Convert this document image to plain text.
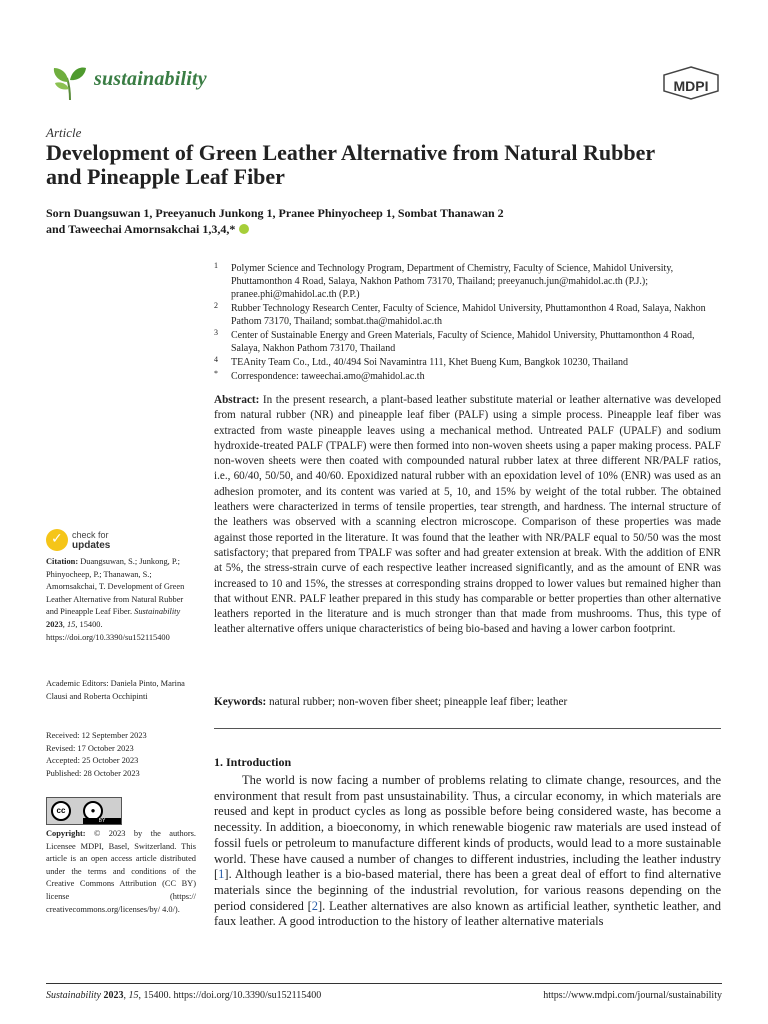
sustainability	MDPI
Article
Development of Green Leather Alternative from Natural Rubber and Pineapple Leaf Fiber
Sorn Duangsuwan 1, Preeyanuch Junkong 1, Pranee Phinyocheep 1, Sombat Thanawan 2
and Taweechai Amornsakchai 1,3,4,*
1 Polymer Science and Technology Program, Department of Chemistry, Faculty of Science, Mahidol University, Phuttamonthon 4 Road, Salaya, Nakhon Pathom 73170, Thailand; preeyanuch.jun@mahidol.ac.th (P.J.); pranee.phi@mahidol.ac.th (P.P.)
2 Rubber Technology Research Center, Faculty of Science, Mahidol University, Phuttamonthon 4 Road, Salaya, Nakhon Pathom 73170, Thailand; sombat.tha@mahidol.ac.th
3 Center of Sustainable Energy and Green Materials, Faculty of Science, Mahidol University, Phuttamonthon 4 Road, Salaya, Nakhon Pathom 73170, Thailand
4 TEAnity Team Co., Ltd., 40/494 Soi Navamintra 111, Khet Bueng Kum, Bangkok 10230, Thailand
* Correspondence: taweechai.amo@mahidol.ac.th
Abstract: In the present research, a plant-based leather substitute material or leather alternative was developed from natural rubber (NR) and pineapple leaf fiber (PALF) using a simple process. Pineapple leaf fiber was extracted from waste pineapple leaves using a mechanical method. Untreated PALF (UPALF) and sodium hydroxide-treated PALF (TPALF) were then formed into non-woven sheets using a paper making process. PALF non-woven sheets were then coated with compounded natural rubber latex at three different NR/PALF ratios, i.e., 60/40, 50/50, and 40/60. Epoxidized natural rubber with an epoxidation level of 10% (ENR) was used as an adhesion promoter, and its content was varied at 5, 10, and 15% by weight of the total rubber. The obtained leathers were characterized in terms of tensile properties, tear strength, and hardness. The internal structure of the leathers was observed with a scanning electron microscope. Comparison of these properties was made against those reported in the literature. It was found that the leather with NR/PALF equal to 50/50 was the most satisfactory; that prepared from TPALF was softer and had greater extension at break. With the addition of ENR at 5%, the stress-strain curve of each respective leather increased significantly, and as the amount of ENR was increased to 10 and 15%, the stresses at corresponding strains dropped to lower values but remained higher than that without ENR. PALF leather prepared in this study has comparable or better properties than other alternative leathers reported in the literature and is much stronger than that made from mushrooms. Thus, this type of leather alternative offers unique characteristics of being bio-based and having a lower carbon footprint.
Keywords: natural rubber; non-woven fiber sheet; pineapple leaf fiber; leather
✓ check for
updates
Citation: Duangsuwan, S.; Junkong, P.; Phinyocheep, P.; Thanawan, S.; Amornsakchai, T. Development of Green Leather Alternative from Natural Rubber and Pineapple Leaf Fiber. Sustainability 2023, 15, 15400. https://doi.org/10.3390/su152115400
Academic Editors: Daniela Pinto, Marina Clausi and Roberta Occhipinti
Received: 12 September 2023
Revised: 17 October 2023
Accepted: 25 October 2023
Published: 28 October 2023
cc	●
BY
Copyright: © 2023 by the authors. Licensee MDPI, Basel, Switzerland. This article is an open access article distributed under the terms and conditions of the Creative Commons Attribution (CC BY) license (https:// creativecommons.org/licenses/by/ 4.0/).
1. Introduction
The world is now facing a number of problems relating to climate change, resources, and the environment that result from past unsustainability. Thus, a circular economy, in which materials are reused and kept in product cycles as long as possible before being considered waste, has become a necessity. In addition, a bioeconomy, in which renewable biogenic raw materials are used instead of fossil fuels or petroleum to manufacture different kinds of products, would lead to a more sustainable world. These have caused a number of changes to different industries, including the leather industry [1]. Although leather is a bio-based material, there has been a great deal of effort to find alternative materials since the beginning of the industrial revolution, for various reasons depending on the period considered [2]. Leather alternatives are also known as artificial leather, synthetic leather, and faux leather. A good introduction to the history of leather alternative materials
Sustainability 2023, 15, 15400. https://doi.org/10.3390/su152115400	https://www.mdpi.com/journal/sustainability
